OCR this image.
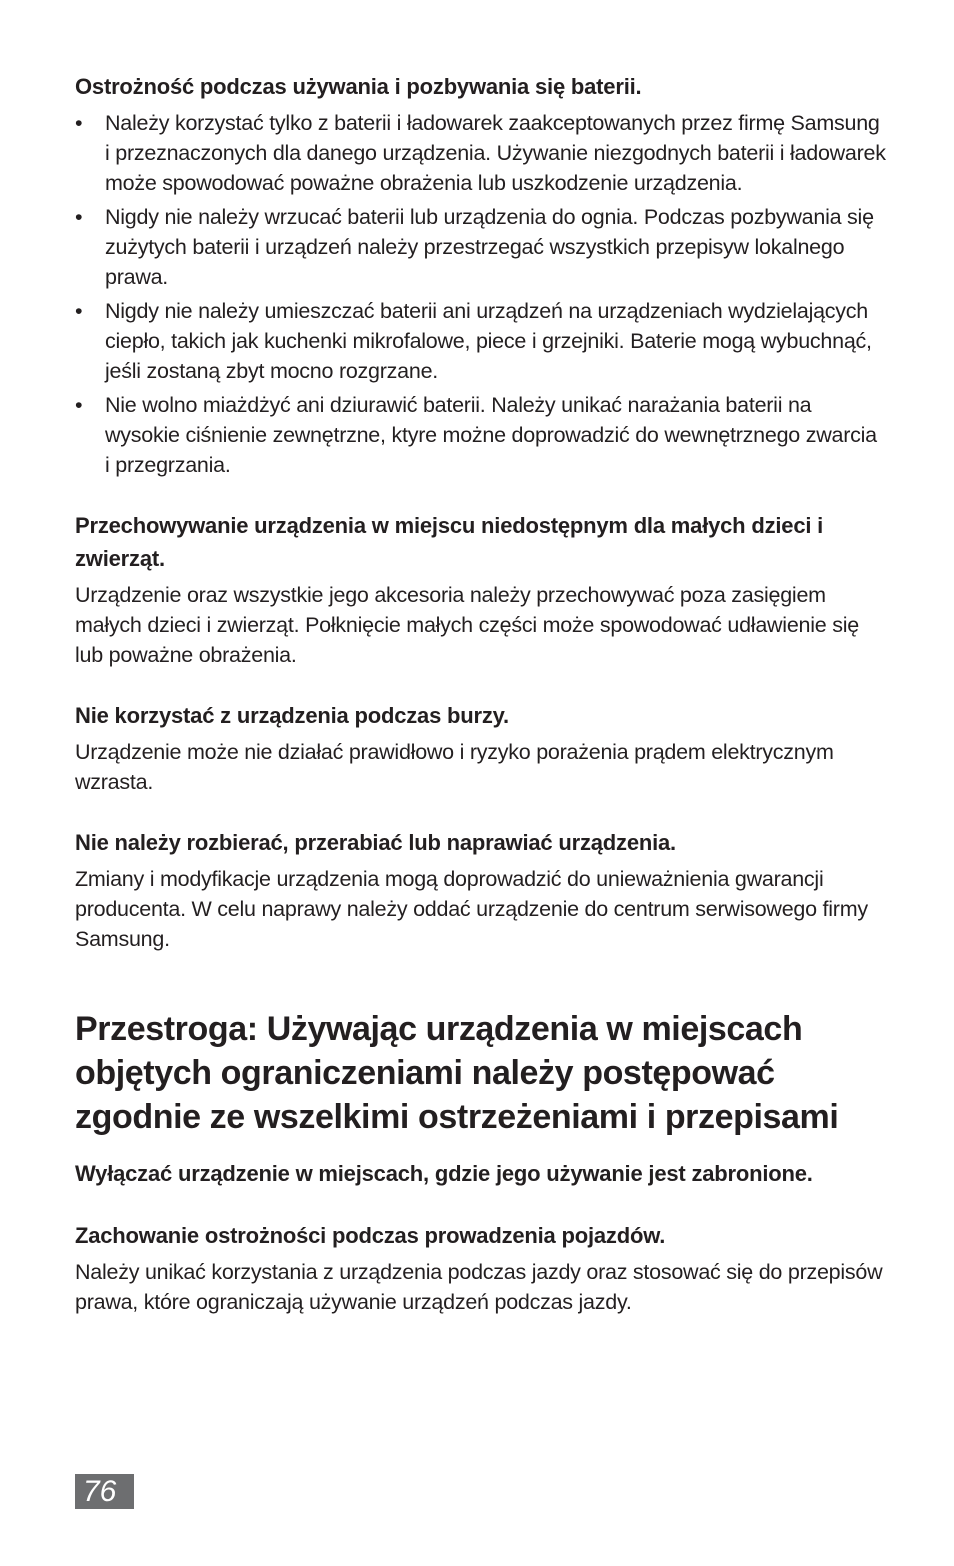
Ostrożność podczas używania i pozbywania się baterii.
• Należy korzystać tylko z baterii i ładowarek zaakceptowanych przez firmę Samsung i przeznaczonych dla danego urządzenia. Używanie niezgodnych baterii i ładowarek może spowodować poważne obrażenia lub uszkodzenie urządzenia.

• Nigdy nie należy wrzucać baterii lub urządzenia do ognia. Podczas pozbywania się zużytych baterii i urządzeń należy przestrzegać wszystkich przepisyw lokalnego prawa.

• Nigdy nie należy umieszczać baterii ani urządzeń na urządzeniach wydzielających ciepło, takich jak kuchenki mikrofalowe, piece i grzejniki. Baterie mogą wybuchnąć, jeśli zostaną zbyt mocno rozgrzane.

• Nie wolno miażdżyć ani dziurawić baterii. Należy unikać narażania baterii na wysokie ciśnienie zewnętrzne, ktyre możne doprowadzić do wewnętrznego zwarcia i przegrzania.

Przechowywanie urządzenia w miejscu niedostępnym dla małych dzieci i zwierząt.

Urządzenie oraz wszystkie jego akcesoria należy przechowywać poza zasięgiem małych dzieci i zwierząt. Połknięcie małych części może spowodować udławienie się lub poważne obrażenia.

Nie korzystać z urządzenia podczas burzy.

Urządzenie może nie działać prawidłowo i ryzyko porażenia prądem elektrycznym wzrasta.

Nie należy rozbierać, przerabiać lub naprawiać urządzenia.

Zmiany i modyfikacje urządzenia mogą doprowadzić do unieważnienia gwarancji producenta. W celu naprawy należy oddać urządzenie do centrum serwisowego firmy Samsung.

Przestroga: Używając urządzenia w miejscach objętych ograniczeniami należy postępować zgodnie ze wszelkimi ostrzeżeniami i przepisami
Wyłączać urządzenie w miejscach, gdzie jego używanie jest zabronione.
Zachowanie ostrożności podczas prowadzenia pojazdów.

Należy unikać korzystania z urządzenia podczas jazdy oraz stosować się do przepisów prawa, które ograniczają używanie urządzeń podczas jazdy.

76
